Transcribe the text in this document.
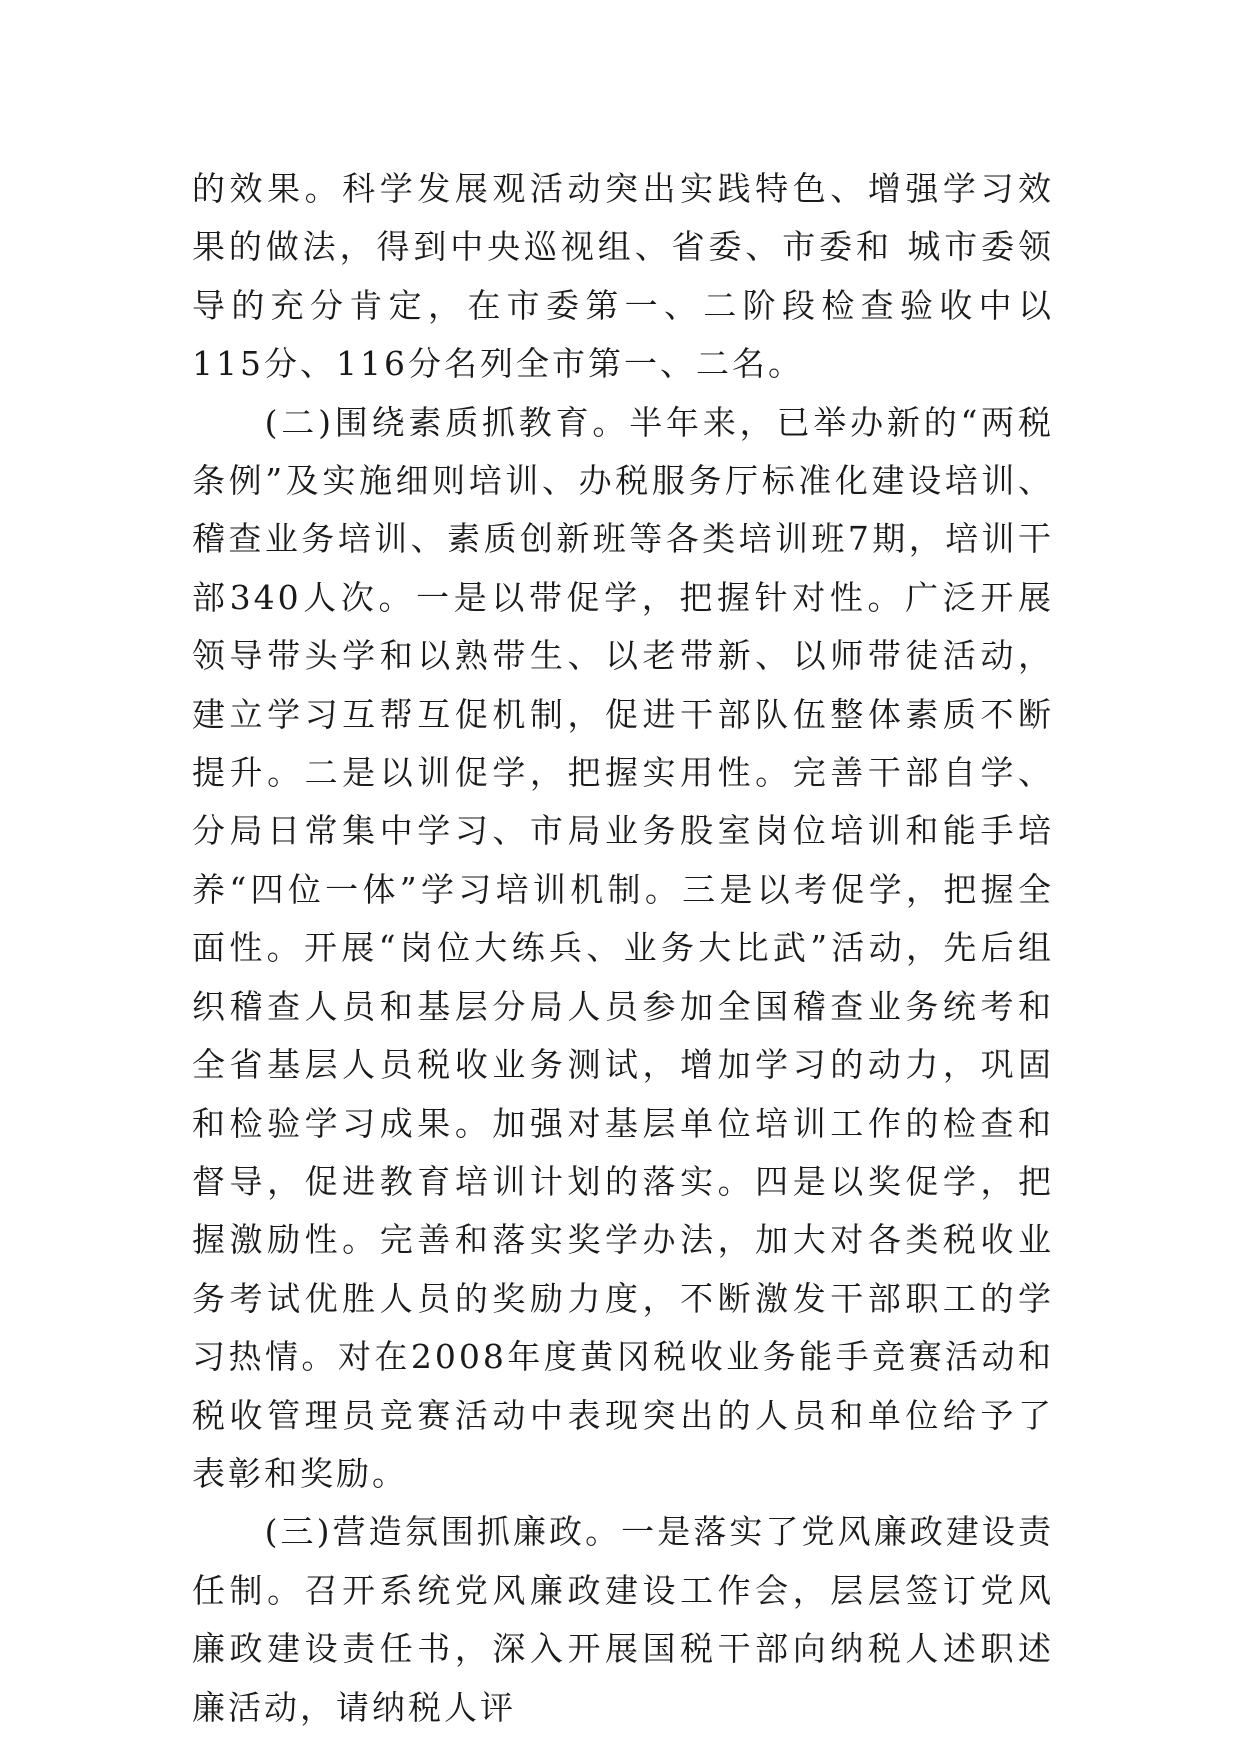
的效果。科学发展观活动突出实践特色、增强学习效果的做法，得到中央巡视组、省委、市委和 城市委领导的充分肯定，在市委第一、二阶段检查验收中以115分、116分名列全市第一、二名。

(二)围绕素质抓教育。半年来，已举办新的“两税条例”及实施细则培训、办税服务厅标准化建设培训、稽查业务培训、素质创新班等各类培训班7期，培训干部340人次。一是以带促学，把握针对性。广泛开展领导带头学和以熟带生、以老带新、以师带徒活动，建立学习互帮互促机制，促进干部队伍整体素质不断提升。二是以训促学，把握实用性。完善干部自学、分局日常集中学习、市局业务股室岗位培训和能手培养“四位一体”学习培训机制。三是以考促学，把握全面性。开展“岗位大练兵、业务大比武”活动，先后组织稽查人员和基层分局人员参加全国稽查业务统考和全省基层人员税收业务测试，增加学习的动力，巩固和检验学习成果。加强对基层单位培训工作的检查和督导，促进教育培训计划的落实。四是以奖促学，把握激励性。完善和落实奖学办法，加大对各类税收业务考试优胜人员的奖励力度，不断激发干部职工的学习热情。对在2008年度黄冈税收业务能手竞赛活动和税收管理员竞赛活动中表现突出的人员和单位给予了表彰和奖励。

(三)营造氛围抓廉政。一是落实了党风廉政建设责任制。召开系统党风廉政建设工作会，层层签订党风廉政建设责任书，深入开展国税干部向纳税人述职述廉活动，请纳税人评
